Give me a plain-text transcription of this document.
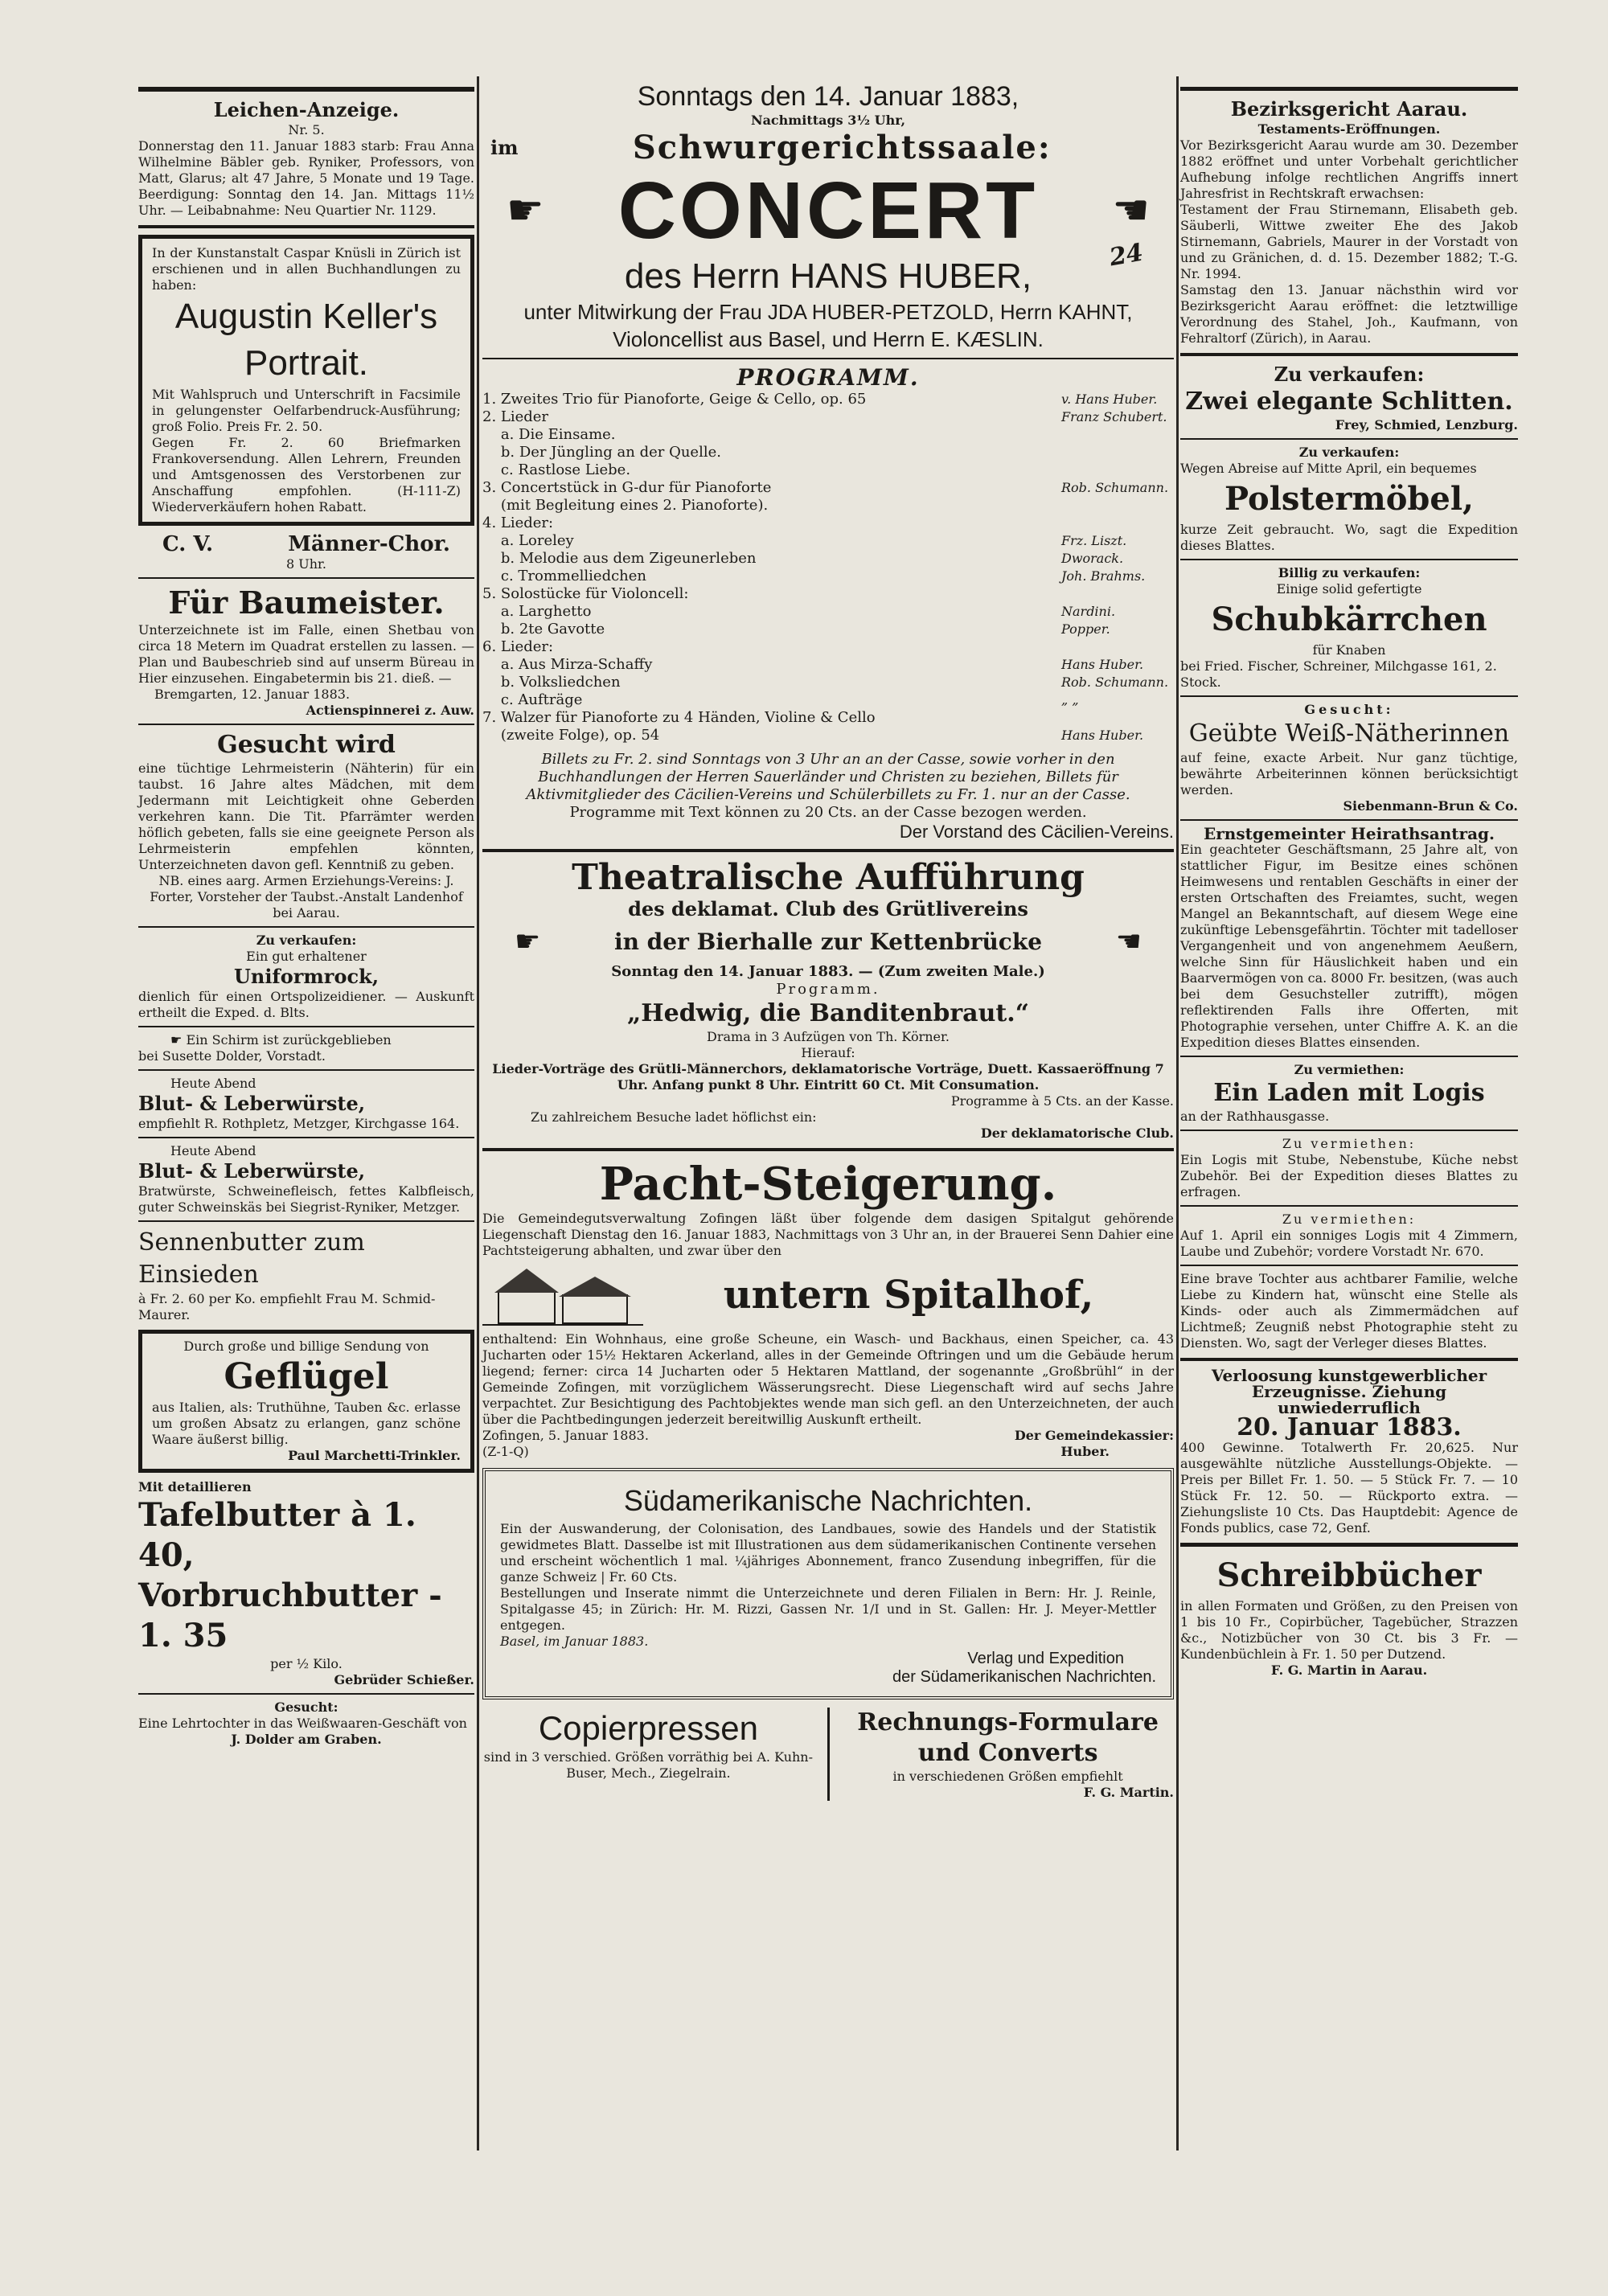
24
Leichen-Anzeige.
Nr. 5.
Donnerstag den 11. Januar 1883 starb: Frau Anna Wilhelmine Bäbler geb. Ryniker, Professors, von Matt, Glarus; alt 47 Jahre, 5 Monate und 19 Tage. Beerdigung: Sonntag den 14. Jan. Mittags 11½ Uhr. — Leibabnahme: Neu Quartier Nr. 1129.
In der Kunstanstalt Caspar Knüsli in Zürich ist erschienen und in allen Buchhandlungen zu haben:
Augustin Keller's
Portrait.
Mit Wahlspruch und Unterschrift in Facsimile in gelungenster Oelfarbendruck-Ausführung; groß Folio. Preis Fr. 2. 50.
Gegen Fr. 2. 60 Briefmarken Frankoversendung. Allen Lehrern, Freunden und Amtsgenossen des Verstorbenen zur Anschaffung empfohlen. (H-111-Z) Wiederverkäufern hohen Rabatt.
C. V.	Männer-Chor.
8 Uhr.
Für Baumeister.
Unterzeichnete ist im Falle, einen Shetbau von circa 18 Metern im Quadrat erstellen zu lassen. — Plan und Baubeschrieb sind auf unserm Büreau in Hier einzusehen. Eingabetermin bis 21. dieß. —
Bremgarten, 12. Januar 1883.
Actienspinnerei z. Auw.
Gesucht wird
eine tüchtige Lehrmeisterin (Nähterin) für ein taubst. 16 Jahre altes Mädchen, mit dem Jedermann mit Leichtigkeit ohne Geberden verkehren kann. Die Tit. Pfarrämter werden höflich gebeten, falls sie eine geeignete Person als Lehrmeisterin empfehlen könnten, Unterzeichneten davon gefl. Kenntniß zu geben.
NB. eines aarg. Armen Erziehungs-Vereins: J. Forter, Vorsteher der Taubst.-Anstalt Landenhof bei Aarau.
Zu verkaufen:
Ein gut erhaltener
Uniformrock,
dienlich für einen Ortspolizeidiener. — Auskunft ertheilt die Exped. d. Blts.
☛ Ein Schirm ist zurückgeblieben
bei Susette Dolder, Vorstadt.
Heute Abend
Blut- & Leberwürste,
empfiehlt R. Rothpletz, Metzger, Kirchgasse 164.
Heute Abend
Blut- & Leberwürste,
Bratwürste, Schweinefleisch, fettes Kalbfleisch, guter Schweinskäs bei Siegrist-Ryniker, Metzger.
Sennenbutter zum Einsieden
à Fr. 2. 60 per Ko. empfiehlt Frau M. Schmid-Maurer.
Durch große und billige Sendung von
Geflügel
aus Italien, als: Truthühne, Tauben &c. erlasse um großen Absatz zu erlangen, ganz schöne Waare äußerst billig.
Paul Marchetti-Trinkler.
Mit detaillieren
Tafelbutter à 1. 40,
Vorbruchbutter - 1. 35
per ½ Kilo.
Gebrüder Schießer.
Gesucht:
Eine Lehrtochter in das Weißwaaren-Geschäft von
J. Dolder am Graben.
Sonntags den 14. Januar 1883,
Nachmittags 3½ Uhr,
im	Schwurgerichtssaale:
☛ CONCERT ☚
des Herrn HANS HUBER,
unter Mitwirkung der Frau JDA HUBER-PETZOLD, Herrn KAHNT, Violoncellist aus Basel, und Herrn E. KÆSLIN.
PROGRAMM.
1. Zweites Trio für Pianoforte, Geige & Cello, op. 65	v. Hans Huber.
2. Lieder	Franz Schubert.
a. Die Einsame.
b. Der Jüngling an der Quelle.
c. Rastlose Liebe.
3. Concertstück in G-dur für Pianoforte	Rob. Schumann.
(mit Begleitung eines 2. Pianoforte).
4. Lieder:
a. Loreley	Frz. Liszt.
b. Melodie aus dem Zigeunerleben	Dworack.
c. Trommelliedchen	Joh. Brahms.
5. Solostücke für Violoncell:
a. Larghetto	Nardini.
b. 2te Gavotte	Popper.
6. Lieder:
a. Aus Mirza-Schaffy	Hans Huber.
b. Volksliedchen	Rob. Schumann.
c. Aufträge	„ „
7. Walzer für Pianoforte zu 4 Händen, Violine & Cello
(zweite Folge), op. 54	Hans Huber.
Billets zu Fr. 2. sind Sonntags von 3 Uhr an an der Casse, sowie vorher in den Buchhandlungen der Herren Sauerländer und Christen zu beziehen, Billets für Aktivmitglieder des Cäcilien-Vereins und Schülerbillets zu Fr. 1. nur an der Casse.
Programme mit Text können zu 20 Cts. an der Casse bezogen werden.
Der Vorstand des Cäcilien-Vereins.
Theatralische Aufführung
des deklamat. Club des Grütlivereins
☛	in der Bierhalle zur Kettenbrücke	☚
Sonntag den 14. Januar 1883. — (Zum zweiten Male.)
Programm.
„Hedwig, die Banditenbraut.“
Drama in 3 Aufzügen von Th. Körner.
Hierauf:
Lieder-Vorträge des Grütli-Männerchors, deklamatorische Vorträge, Duett. Kassaeröffnung 7 Uhr. Anfang punkt 8 Uhr. Eintritt 60 Ct. Mit Consumation.
Programme à 5 Cts. an der Kasse.
Zu zahlreichem Besuche ladet höflichst ein:
Der deklamatorische Club.
Pacht-Steigerung.
Die Gemeindegutsverwaltung Zofingen läßt über folgende dem dasigen Spitalgut gehörende Liegenschaft Dienstag den 16. Januar 1883, Nachmittags von 3 Uhr an, in der Brauerei Senn Dahier eine Pachtsteigerung abhalten, und zwar über den
untern Spitalhof,
enthaltend: Ein Wohnhaus, eine große Scheune, ein Wasch- und Backhaus, einen Speicher, ca. 43 Jucharten oder 15½ Hektaren Ackerland, alles in der Gemeinde Oftringen und um die Gebäude herum liegend; ferner: circa 14 Jucharten oder 5 Hektaren Mattland, der sogenannte „Großbrühl“ in der Gemeinde Zofingen, mit vorzüglichem Wässerungsrecht. Diese Liegenschaft wird auf sechs Jahre verpachtet. Zur Besichtigung des Pachtobjektes wende man sich gefl. an den Unterzeichneten, der auch über die Pachtbedingungen jederzeit bereitwillig Auskunft ertheilt.
Zofingen, 5. Januar 1883.	Der Gemeindekassier:
(Z-1-Q)	Huber.
Südamerikanische Nachrichten.
Ein der Auswanderung, der Colonisation, des Landbaues, sowie des Handels und der Statistik gewidmetes Blatt. Dasselbe ist mit Illustrationen aus dem südamerikanischen Continente versehen und erscheint wöchentlich 1 mal. ¼jähriges Abonnement, franco Zusendung inbegriffen, für die ganze Schweiz | Fr. 60 Cts.
Bestellungen und Inserate nimmt die Unterzeichnete und deren Filialen in Bern: Hr. J. Reinle, Spitalgasse 45; in Zürich: Hr. M. Rizzi, Gassen Nr. 1/I und in St. Gallen: Hr. J. Meyer-Mettler entgegen.
Basel, im Januar 1883.
Verlag und Expedition
der Südamerikanischen Nachrichten.
Copierpressen
sind in 3 verschied. Größen vorräthig bei A. Kuhn-Buser, Mech., Ziegelrain.
Rechnungs-Formulare
und Converts
in verschiedenen Größen empfiehlt
F. G. Martin.
Bezirksgericht Aarau.
Testaments-Eröffnungen.
Vor Bezirksgericht Aarau wurde am 30. Dezember 1882 eröffnet und unter Vorbehalt gerichtlicher Aufhebung infolge rechtlichen Angriffs innert Jahresfrist in Rechtskraft erwachsen:
Testament der Frau Stirnemann, Elisabeth geb. Säuberli, Wittwe zweiter Ehe des Jakob Stirnemann, Gabriels, Maurer in der Vorstadt von und zu Gränichen, d. d. 15. Dezember 1882; T.-G. Nr. 1994.
Samstag den 13. Januar nächsthin wird vor Bezirksgericht Aarau eröffnet: die letztwillige Verordnung des Stahel, Joh., Kaufmann, von Fehraltorf (Zürich), in Aarau.
Zu verkaufen:
Zwei elegante Schlitten.
Frey, Schmied, Lenzburg.
Zu verkaufen:
Wegen Abreise auf Mitte April, ein bequemes
Polstermöbel,
kurze Zeit gebraucht. Wo, sagt die Expedition dieses Blattes.
Billig zu verkaufen:
Einige solid gefertigte
Schubkärrchen
für Knaben
bei Fried. Fischer, Schreiner, Milchgasse 161, 2. Stock.
Gesucht:
Geübte Weiß-Nätherinnen
auf feine, exacte Arbeit. Nur ganz tüchtige, bewährte Arbeiterinnen können berücksichtigt werden.
Siebenmann-Brun & Co.
Ernstgemeinter Heirathsantrag.
Ein geachteter Geschäftsmann, 25 Jahre alt, von stattlicher Figur, im Besitze eines schönen Heimwesens und rentablen Geschäfts in einer der ersten Ortschaften des Freiamtes, sucht, wegen Mangel an Bekanntschaft, auf diesem Wege eine zukünftige Lebensgefährtin. Töchter mit tadelloser Vergangenheit und von angenehmem Aeußern, welche Sinn für Häuslichkeit haben und ein Baarvermögen von ca. 8000 Fr. besitzen, (was auch bei dem Gesuchsteller zutrifft), mögen reflektirenden Falls ihre Offerten, mit Photographie versehen, unter Chiffre A. K. an die Expedition dieses Blattes einsenden.
Zu vermiethen:
Ein Laden mit Logis
an der Rathhausgasse.
Zu vermiethen:
Ein Logis mit Stube, Nebenstube, Küche nebst Zubehör. Bei der Expedition dieses Blattes zu erfragen.
Zu vermiethen:
Auf 1. April ein sonniges Logis mit 4 Zimmern, Laube und Zubehör; vordere Vorstadt Nr. 670.
Eine brave Tochter aus achtbarer Familie, welche Liebe zu Kindern hat, wünscht eine Stelle als Kinds- oder auch als Zimmermädchen auf Lichtmeß; Zeugniß nebst Photographie steht zu Diensten. Wo, sagt der Verleger dieses Blattes.
Verloosung kunstgewerblicher Erzeugnisse. Ziehung unwiederruflich
20. Januar 1883.
400 Gewinne. Totalwerth Fr. 20,625. Nur ausgewählte nützliche Ausstellungs-Objekte. — Preis per Billet Fr. 1. 50. — 5 Stück Fr. 7. — 10 Stück Fr. 12. 50. — Rückporto extra. — Ziehungsliste 10 Cts. Das Hauptdebit: Agence de Fonds publics, case 72, Genf.
Schreibbücher
in allen Formaten und Größen, zu den Preisen von 1 bis 10 Fr., Copirbücher, Tagebücher, Strazzen &c., Notizbücher von 30 Ct. bis 3 Fr. — Kundenbüchlein à Fr. 1. 50 per Dutzend.
F. G. Martin in Aarau.
